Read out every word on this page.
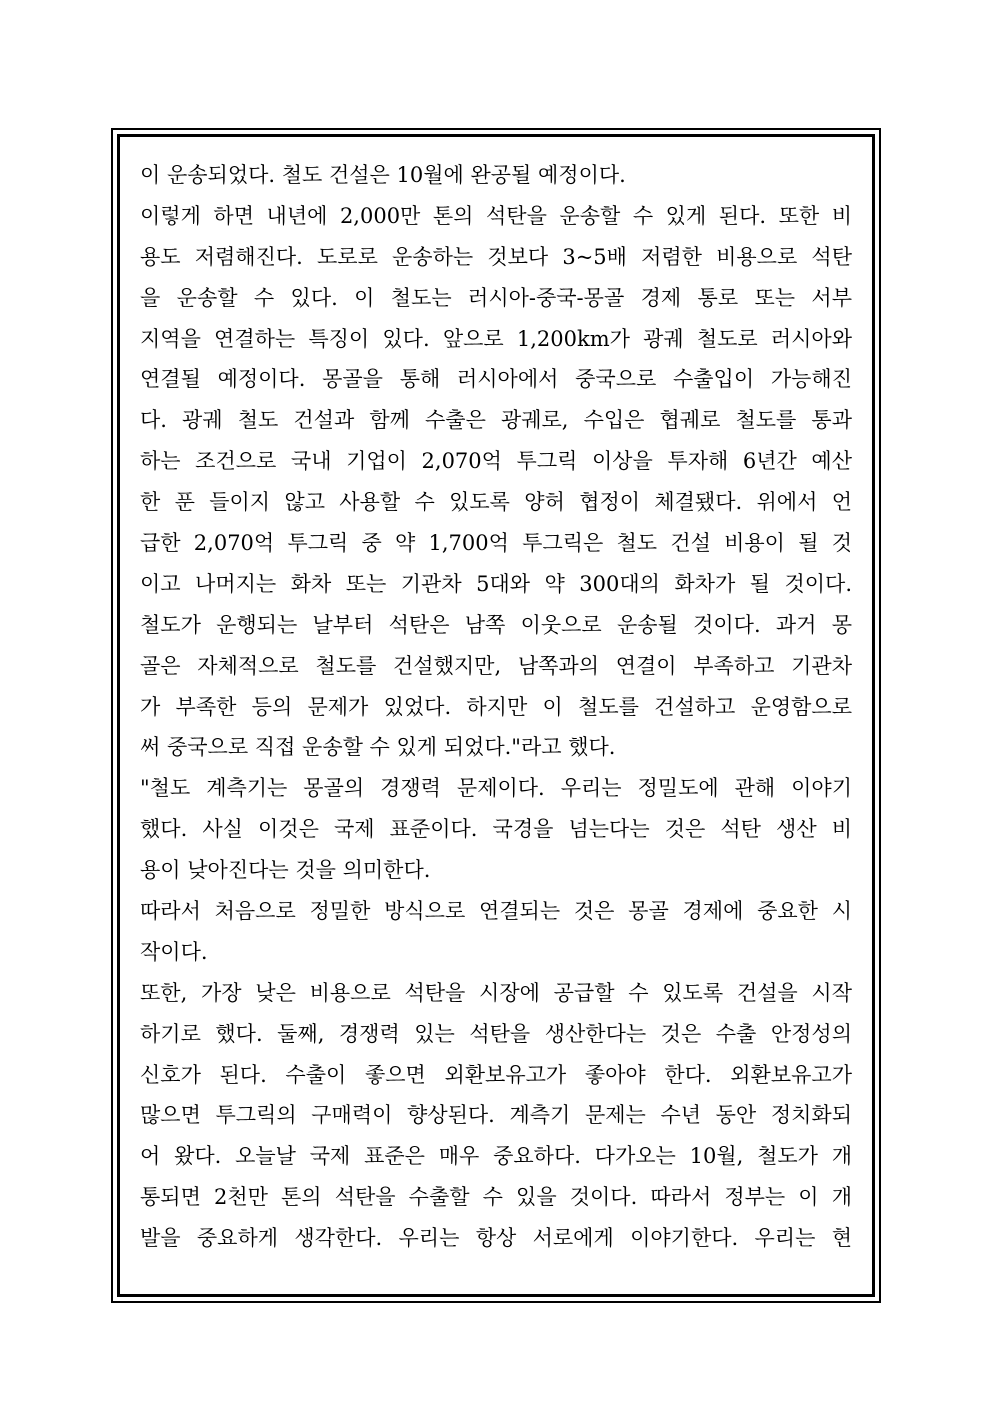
이 운송되었다. 철도 건설은 10월에 완공될 예정이다.
이렇게 하면 내년에 2,000만 톤의 석탄을 운송할 수 있게 된다. 또한 비
용도 저렴해진다. 도로로 운송하는 것보다 3~5배 저렴한 비용으로 석탄
을 운송할 수 있다. 이 철도는 러시아-중국-몽골 경제 통로 또는 서부
지역을 연결하는 특징이 있다. 앞으로 1,200km가 광궤 철도로 러시아와
연결될 예정이다. 몽골을 통해 러시아에서 중국으로 수출입이 가능해진
다. 광궤 철도 건설과 함께 수출은 광궤로, 수입은 협궤로 철도를 통과
하는 조건으로 국내 기업이 2,070억 투그릭 이상을 투자해 6년간 예산
한 푼 들이지 않고 사용할 수 있도록 양허 협정이 체결됐다. 위에서 언
급한 2,070억 투그릭 중 약 1,700억 투그릭은 철도 건설 비용이 될 것
이고 나머지는 화차 또는 기관차 5대와 약 300대의 화차가 될 것이다.
철도가 운행되는 날부터 석탄은 남쪽 이웃으로 운송될 것이다. 과거 몽
골은 자체적으로 철도를 건설했지만, 남쪽과의 연결이 부족하고 기관차
가 부족한 등의 문제가 있었다. 하지만 이 철도를 건설하고 운영함으로
써 중국으로 직접 운송할 수 있게 되었다."라고 했다.
"철도 계측기는 몽골의 경쟁력 문제이다. 우리는 정밀도에 관해 이야기
했다. 사실 이것은 국제 표준이다. 국경을 넘는다는 것은 석탄 생산 비
용이 낮아진다는 것을 의미한다.
따라서 처음으로 정밀한 방식으로 연결되는 것은 몽골 경제에 중요한 시
작이다.
또한, 가장 낮은 비용으로 석탄을 시장에 공급할 수 있도록 건설을 시작
하기로 했다. 둘째, 경쟁력 있는 석탄을 생산한다는 것은 수출 안정성의
신호가 된다. 수출이 좋으면 외환보유고가 좋아야 한다. 외환보유고가
많으면 투그릭의 구매력이 향상된다. 계측기 문제는 수년 동안 정치화되
어 왔다. 오늘날 국제 표준은 매우 중요하다. 다가오는 10월, 철도가 개
통되면 2천만 톤의 석탄을 수출할 수 있을 것이다. 따라서 정부는 이 개
발을 중요하게 생각한다. 우리는 항상 서로에게 이야기한다. 우리는 현
